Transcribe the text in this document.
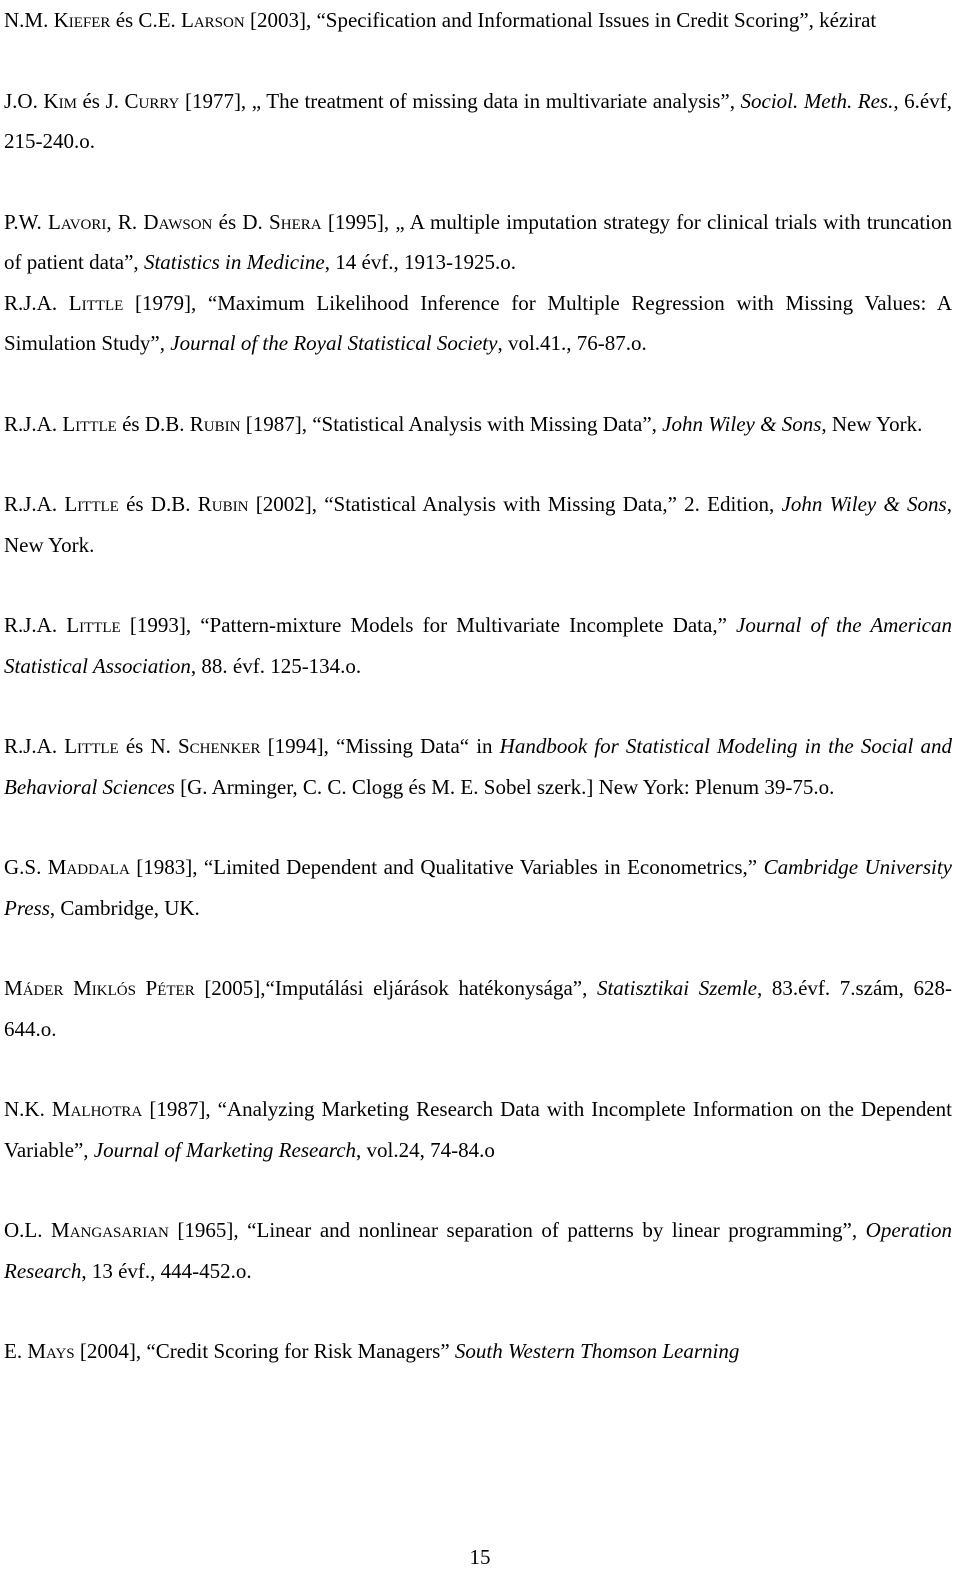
N.M. Kiefer és C.E. Larson [2003], “Specification and Informational Issues in Credit Scoring”, kézirat

J.O. Kim és J. Curry [1977], „ The treatment of missing data in multivariate analysis”, Sociol. Meth. Res., 6.évf, 215-240.o.

P.W. Lavori, R. Dawson és D. Shera [1995], „ A multiple imputation strategy for clinical trials with truncation of patient data”, Statistics in Medicine, 14 évf., 1913-1925.o.

R.J.A. Little [1979], “Maximum Likelihood Inference for Multiple Regression with Missing Values: A Simulation Study”, Journal of the Royal Statistical Society, vol.41., 76-87.o.

R.J.A. Little és D.B. Rubin [1987], “Statistical Analysis with Missing Data”, John Wiley & Sons, New York.

R.J.A. Little és D.B. Rubin [2002], “Statistical Analysis with Missing Data,” 2. Edition, John Wiley & Sons, New York.

R.J.A. Little [1993], “Pattern-mixture Models for Multivariate Incomplete Data,” Journal of the American Statistical Association, 88. évf. 125-134.o.

R.J.A. Little és N. Schenker [1994], “Missing Data“ in Handbook for Statistical Modeling in the Social and Behavioral Sciences [G. Arminger, C. C. Clogg és M. E. Sobel szerk.] New York: Plenum 39-75.o.

G.S. Maddala [1983], “Limited Dependent and Qualitative Variables in Econometrics,” Cambridge University Press, Cambridge, UK.

Máder Miklós Péter [2005],“Imputálási eljárások hatékonysága”, Statisztikai Szemle, 83.évf. 7.szám, 628-644.o.

N.K. Malhotra [1987], “Analyzing Marketing Research Data with Incomplete Information on the Dependent Variable”, Journal of Marketing Research, vol.24, 74-84.o

O.L. Mangasarian [1965], “Linear and nonlinear separation of patterns by linear programming”, Operation Research, 13 évf., 444-452.o.

E. Mays [2004], “Credit Scoring for Risk Managers” South Western Thomson Learning

15
